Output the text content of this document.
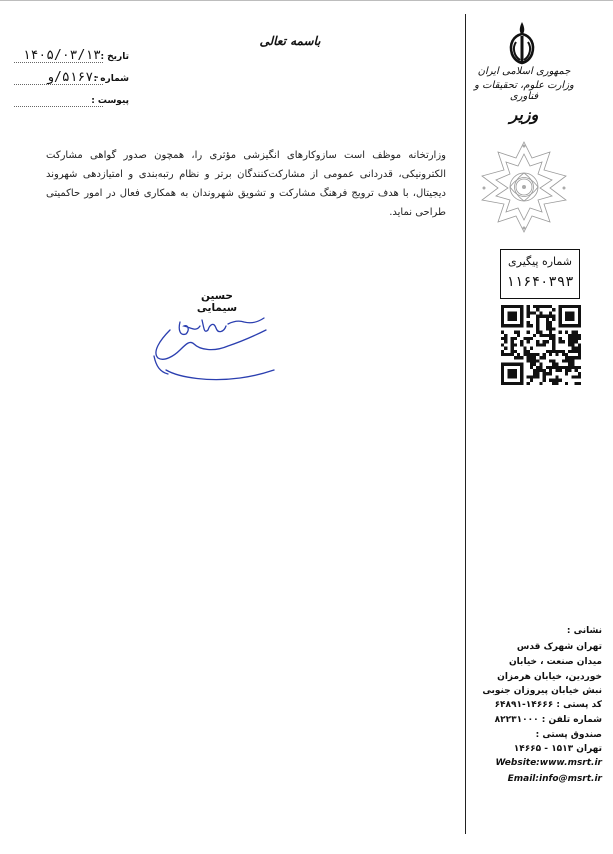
باسمه تعالی
تاریخ :
۱۴۰۵/۰۳/۱۳
شماره :
۵۱۶۷۰/و
پیوست :
جمهوری اسلامی ایران
وزارت علوم، تحقیقات و فناوری
وزیر
شماره پیگیری
۱۱۶۴۰۳۹۳
وزارتخانه موظف است سازوکارهای انگیزشی مؤثری را، همچون صدور گواهی مشارکت الکترونیکی، قدردانی عمومی از مشارکت‌کنندگان برتر و نظام رتبه‌بندی و امتیازدهی شهروند دیجیتال، با هدف ترویج فرهنگ مشارکت و تشویق شهروندان به همکاری فعال در امور حاکمیتی طراحی نماید.
حسین سیمایی
نشانی :
تهران شهرک قدس
میدان صنعت ، خیابان
خوردین، خیابان هرمزان
نبش خیابان پیروزان جنوبی
کد پستی : ۱۴۶۶۶-۶۴۸۹۱
شماره تلفن : ۸۲۲۳۱۰۰۰
صندوق پستی :
تهران ۱۵۱۳ - ۱۴۶۶۵
Website:www.msrt.ir
Email:info@msrt.ir
